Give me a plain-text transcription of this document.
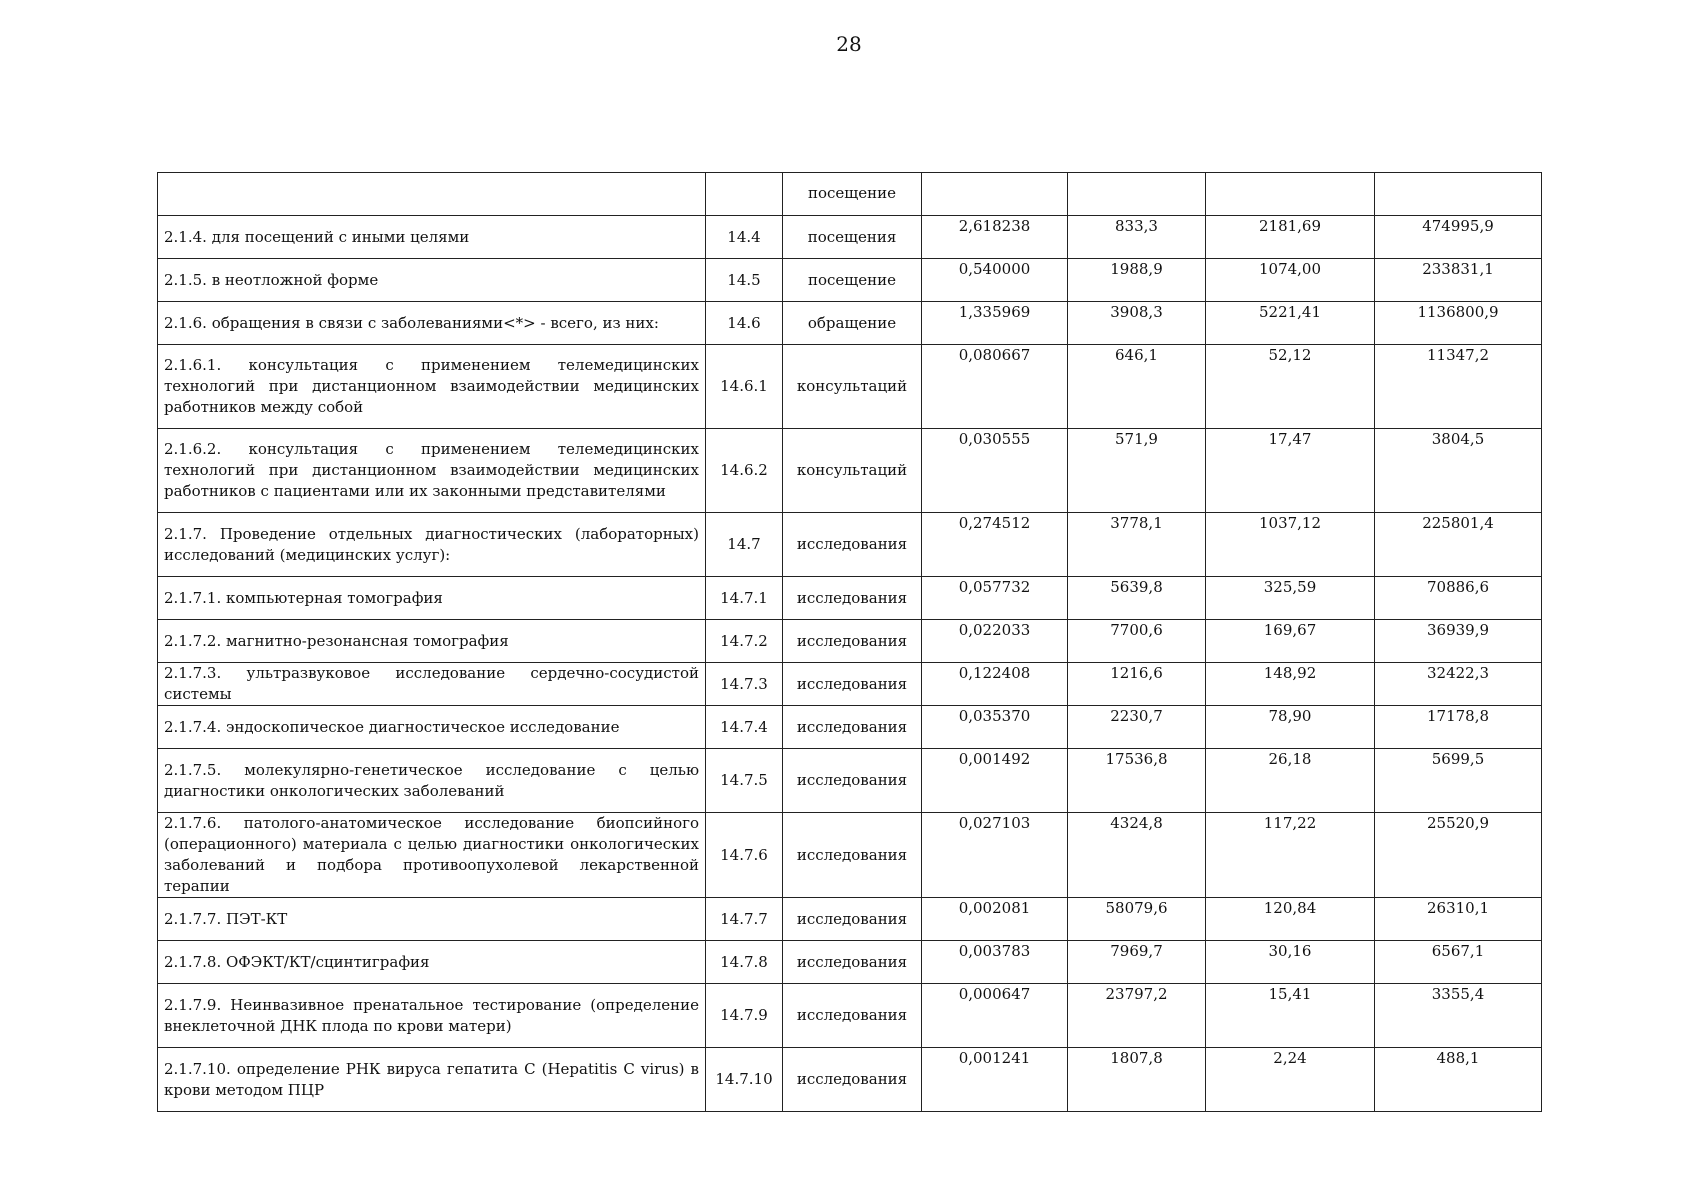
28
		посещение				
2.1.4. для посещений с иными целями	14.4	посещения	2,618238	833,3	2181,69	474995,9
2.1.5. в неотложной форме	14.5	посещение	0,540000	1988,9	1074,00	233831,1
2.1.6. обращения в связи с заболеваниями<*> - всего, из них:	14.6	обращение	1,335969	3908,3	5221,41	1136800,9
2.1.6.1. консультация с применением телемедицинских технологий при дистанционном взаимодействии медицинских работников между собой	14.6.1	консультаций	0,080667	646,1	52,12	11347,2
2.1.6.2. консультация с применением телемедицинских технологий при дистанционном взаимодействии медицинских работников с пациентами или их законными представителями	14.6.2	консультаций	0,030555	571,9	17,47	3804,5
2.1.7. Проведение отдельных диагностических (лабораторных) исследований (медицинских услуг):	14.7	исследования	0,274512	3778,1	1037,12	225801,4
2.1.7.1. компьютерная томография	14.7.1	исследования	0,057732	5639,8	325,59	70886,6
2.1.7.2. магнитно-резонансная томография	14.7.2	исследования	0,022033	7700,6	169,67	36939,9
2.1.7.3. ультразвуковое исследование сердечно-сосудистой системы	14.7.3	исследования	0,122408	1216,6	148,92	32422,3
2.1.7.4. эндоскопическое диагностическое исследование	14.7.4	исследования	0,035370	2230,7	78,90	17178,8
2.1.7.5. молекулярно-генетическое исследование с целью диагностики онкологических заболеваний	14.7.5	исследования	0,001492	17536,8	26,18	5699,5
2.1.7.6. патолого-анатомическое исследование биопсийного (операционного) материала с целью диагностики онкологических заболеваний и подбора противоопухолевой лекарственной терапии	14.7.6	исследования	0,027103	4324,8	117,22	25520,9
2.1.7.7. ПЭТ-КТ	14.7.7	исследования	0,002081	58079,6	120,84	26310,1
2.1.7.8. ОФЭКТ/КТ/сцинтиграфия	14.7.8	исследования	0,003783	7969,7	30,16	6567,1
2.1.7.9. Неинвазивное пренатальное тестирование (определение внеклеточной ДНК плода по крови матери)	14.7.9	исследования	0,000647	23797,2	15,41	3355,4
2.1.7.10. определение РНК вируса гепатита C (Hepatitis C virus) в крови методом ПЦР	14.7.10	исследования	0,001241	1807,8	2,24	488,1
